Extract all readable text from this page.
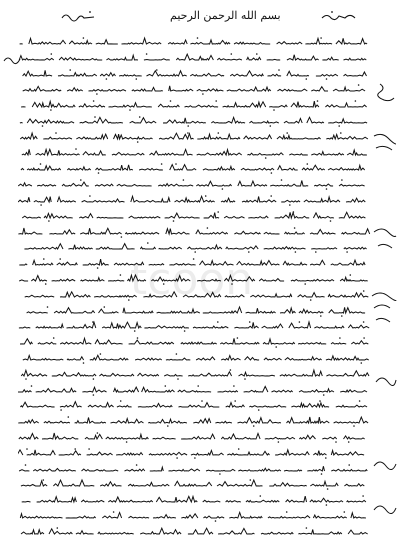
بسم الله الرحمن الرحيم
tcoon
